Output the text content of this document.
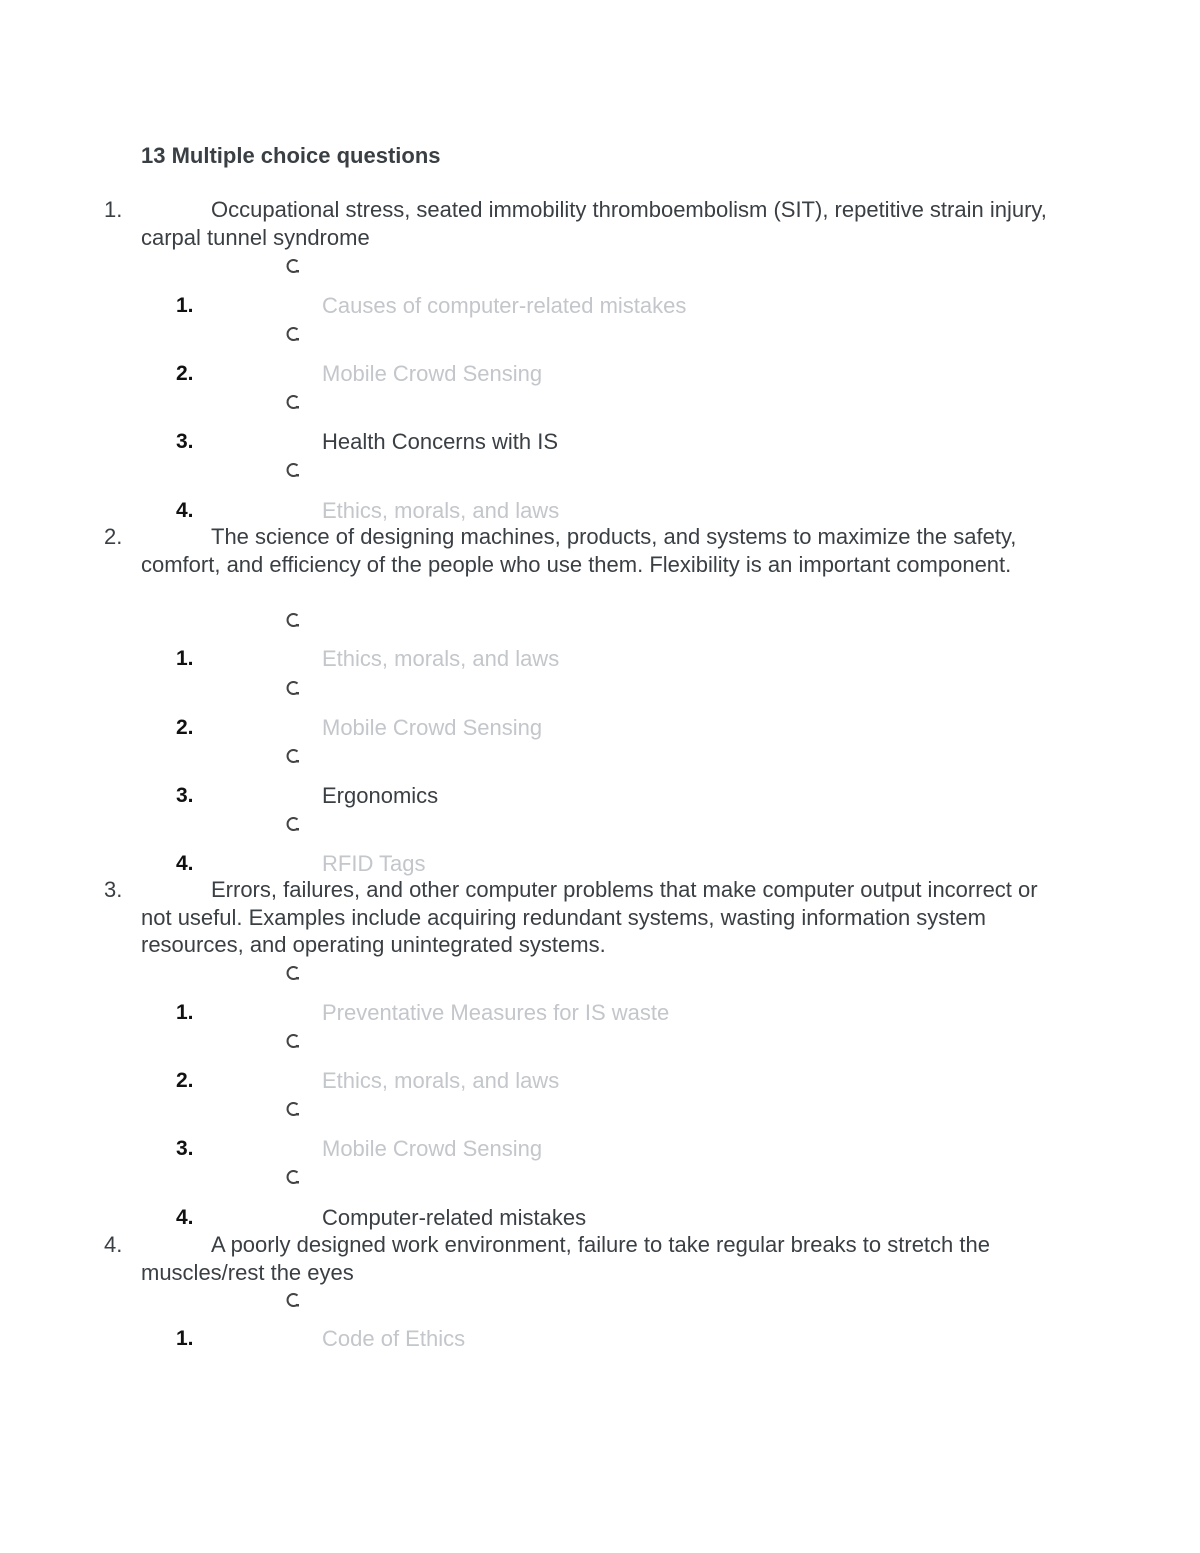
13 Multiple choice questions
1.	Occupational stress, seated immobility thromboembolism (SIT), repetitive strain injury, carpal tunnel syndrome
1.	Causes of computer-related mistakes
2.	Mobile Crowd Sensing
3.	Health Concerns with IS
4.	Ethics, morals, and laws
2.	The science of designing machines, products, and systems to maximize the safety, comfort, and efficiency of the people who use them. Flexibility is an important component.
1.	Ethics, morals, and laws
2.	Mobile Crowd Sensing
3.	Ergonomics
4.	RFID Tags
3.	Errors, failures, and other computer problems that make computer output incorrect or not useful. Examples include acquiring redundant systems, wasting information system resources, and operating unintegrated systems.
1.	Preventative Measures for IS waste
2.	Ethics, morals, and laws
3.	Mobile Crowd Sensing
4.	Computer-related mistakes
4.	A poorly designed work environment, failure to take regular breaks to stretch the muscles/rest the eyes
1.	Code of Ethics
